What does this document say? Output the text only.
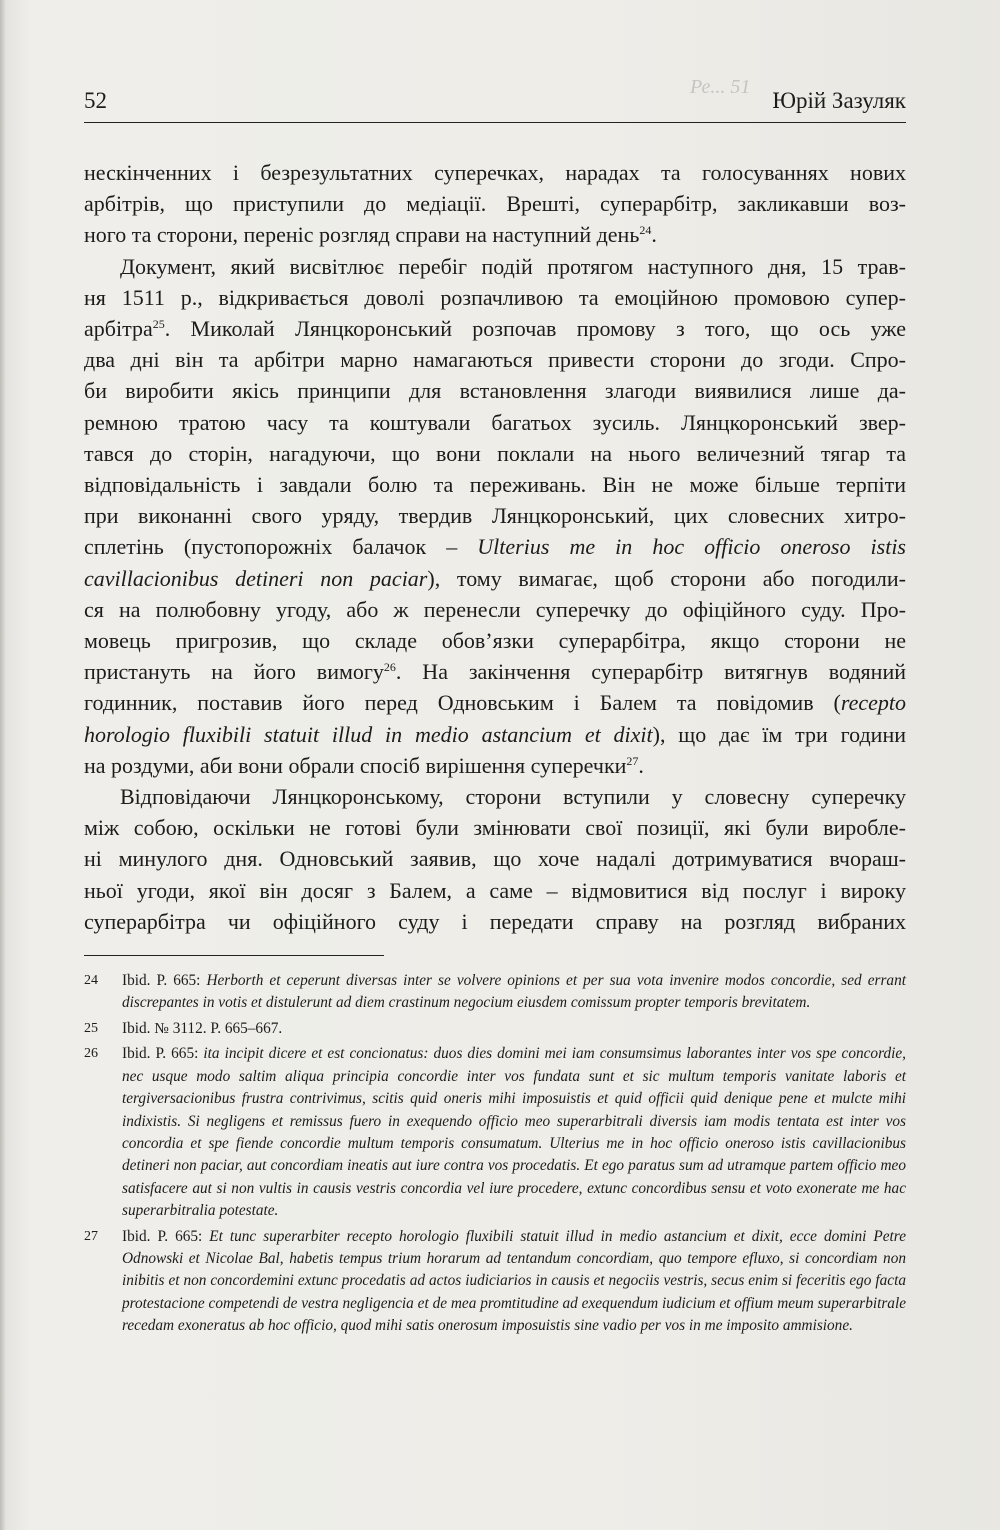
Ре... 51
52	Юрій Зазуляк

нескінченних і безрезультатних суперечках, нарадах та голосуваннях нових
арбітрів, що приступили до медіації. Врешті, суперарбітр, закликавши воз-
ного та сторони, переніс розгляд справи на наступний день$^{24}$.

Документ, який висвітлює перебіг подій протягом наступного дня, 15 трав-
ня 1511 р., відкривається доволі розпачливою та емоційною промовою супер-
арбітра$^{25}$. Миколай Лянцкоронський розпочав промову з того, що ось уже
два дні він та арбітри марно намагаються привести сторони до згоди. Спро-
би виробити якісь принципи для встановлення злагоди виявилися лише да-
ремною тратою часу та коштували багатьох зусиль. Лянцкоронський звер-
тався до сторін, нагадуючи, що вони поклали на нього величезний тягар та
відповідальність і завдали болю та переживань. Він не може більше терпіти
при виконанні свого уряду, твердив Лянцкоронський, цих словесних хитро-
сплетінь (пустопорожніх балачок – Ulterius me in hoc officio oneroso istis
cavillacionibus detineri non paciar), тому вимагає, щоб сторони або погодили-
ся на полюбовну угоду, або ж перенесли суперечку до офіційного суду. Про-
мовець пригрозив, що складе обов’язки суперарбітра, якщо сторони не
пристануть на його вимогу$^{26}$. На закінчення суперарбітр витягнув водяний
годинник, поставив його перед Одновським і Балем та повідомив (recepto
horologio fluxibili statuit illud in medio astancium et dixit), що дає їм три години
на роздуми, аби вони обрали спосіб вирішення суперечки$^{27}$.

Відповідаючи Лянцкоронському, сторони вступили у словесну суперечку
між собою, оскільки не готові були змінювати свої позиції, які були виробле-
ні минулого дня. Одновський заявив, що хоче надалі дотримуватися вчораш-
ньої угоди, якої він досяг з Балем, а саме – відмовитися від послуг і вироку
суперарбітра чи офіційного суду і передати справу на розгляд вибраних

24 Ibid. P. 665: Herborth et ceperunt diversas inter se volvere opinions et per sua vota invenire modos concordie, sed errant discrepantes in votis et distulerunt ad diem crastinum negocium eiusdem comissum propter temporis brevitatem.
25 Ibid. № 3112. P. 665–667.
26 Ibid. P. 665: ita incipit dicere et est concionatus: duos dies domini mei iam consumsimus laborantes inter vos spe concordie, nec usque modo saltim aliqua principia concordie inter vos fundata sunt et sic multum temporis vanitate laboris et tergiversacionibus frustra contrivimus, scitis quid oneris mihi imposuistis et quid officii quid denique pene et mulcte mihi indixistis. Si negligens et remissus fuero in exequendo officio meo superarbitrali diversis iam modis tentata est inter vos concordia et spe fiende concordie multum temporis consumatum. Ulterius me in hoc officio oneroso istis cavillacionibus detineri non paciar, aut concordiam ineatis aut iure contra vos procedatis. Et ego paratus sum ad utramque partem officio meo satisfacere aut si non vultis in causis vestris concordia vel iure procedere, extunc concordibus sensu et voto exonerate me hac superarbitralia potestate.
27 Ibid. P. 665: Et tunc superarbiter recepto horologio fluxibili statuit illud in medio astancium et dixit, ecce domini Petre Odnowski et Nicolae Bal, habetis tempus trium horarum ad tentandum concordiam, quo tempore efluxo, si concordiam non inibitis et non concordemini extunc procedatis ad actos iudiciarios in causis et negociis vestris, secus enim si feceritis ego facta protestacione competendi de vestra negligencia et de mea promtitudine ad exequendum iudicium et offium meum superarbitrale recedam exoneratus ab hoc officio, quod mihi satis onerosum imposuistis sine vadio per vos in me imposito ammisione.
